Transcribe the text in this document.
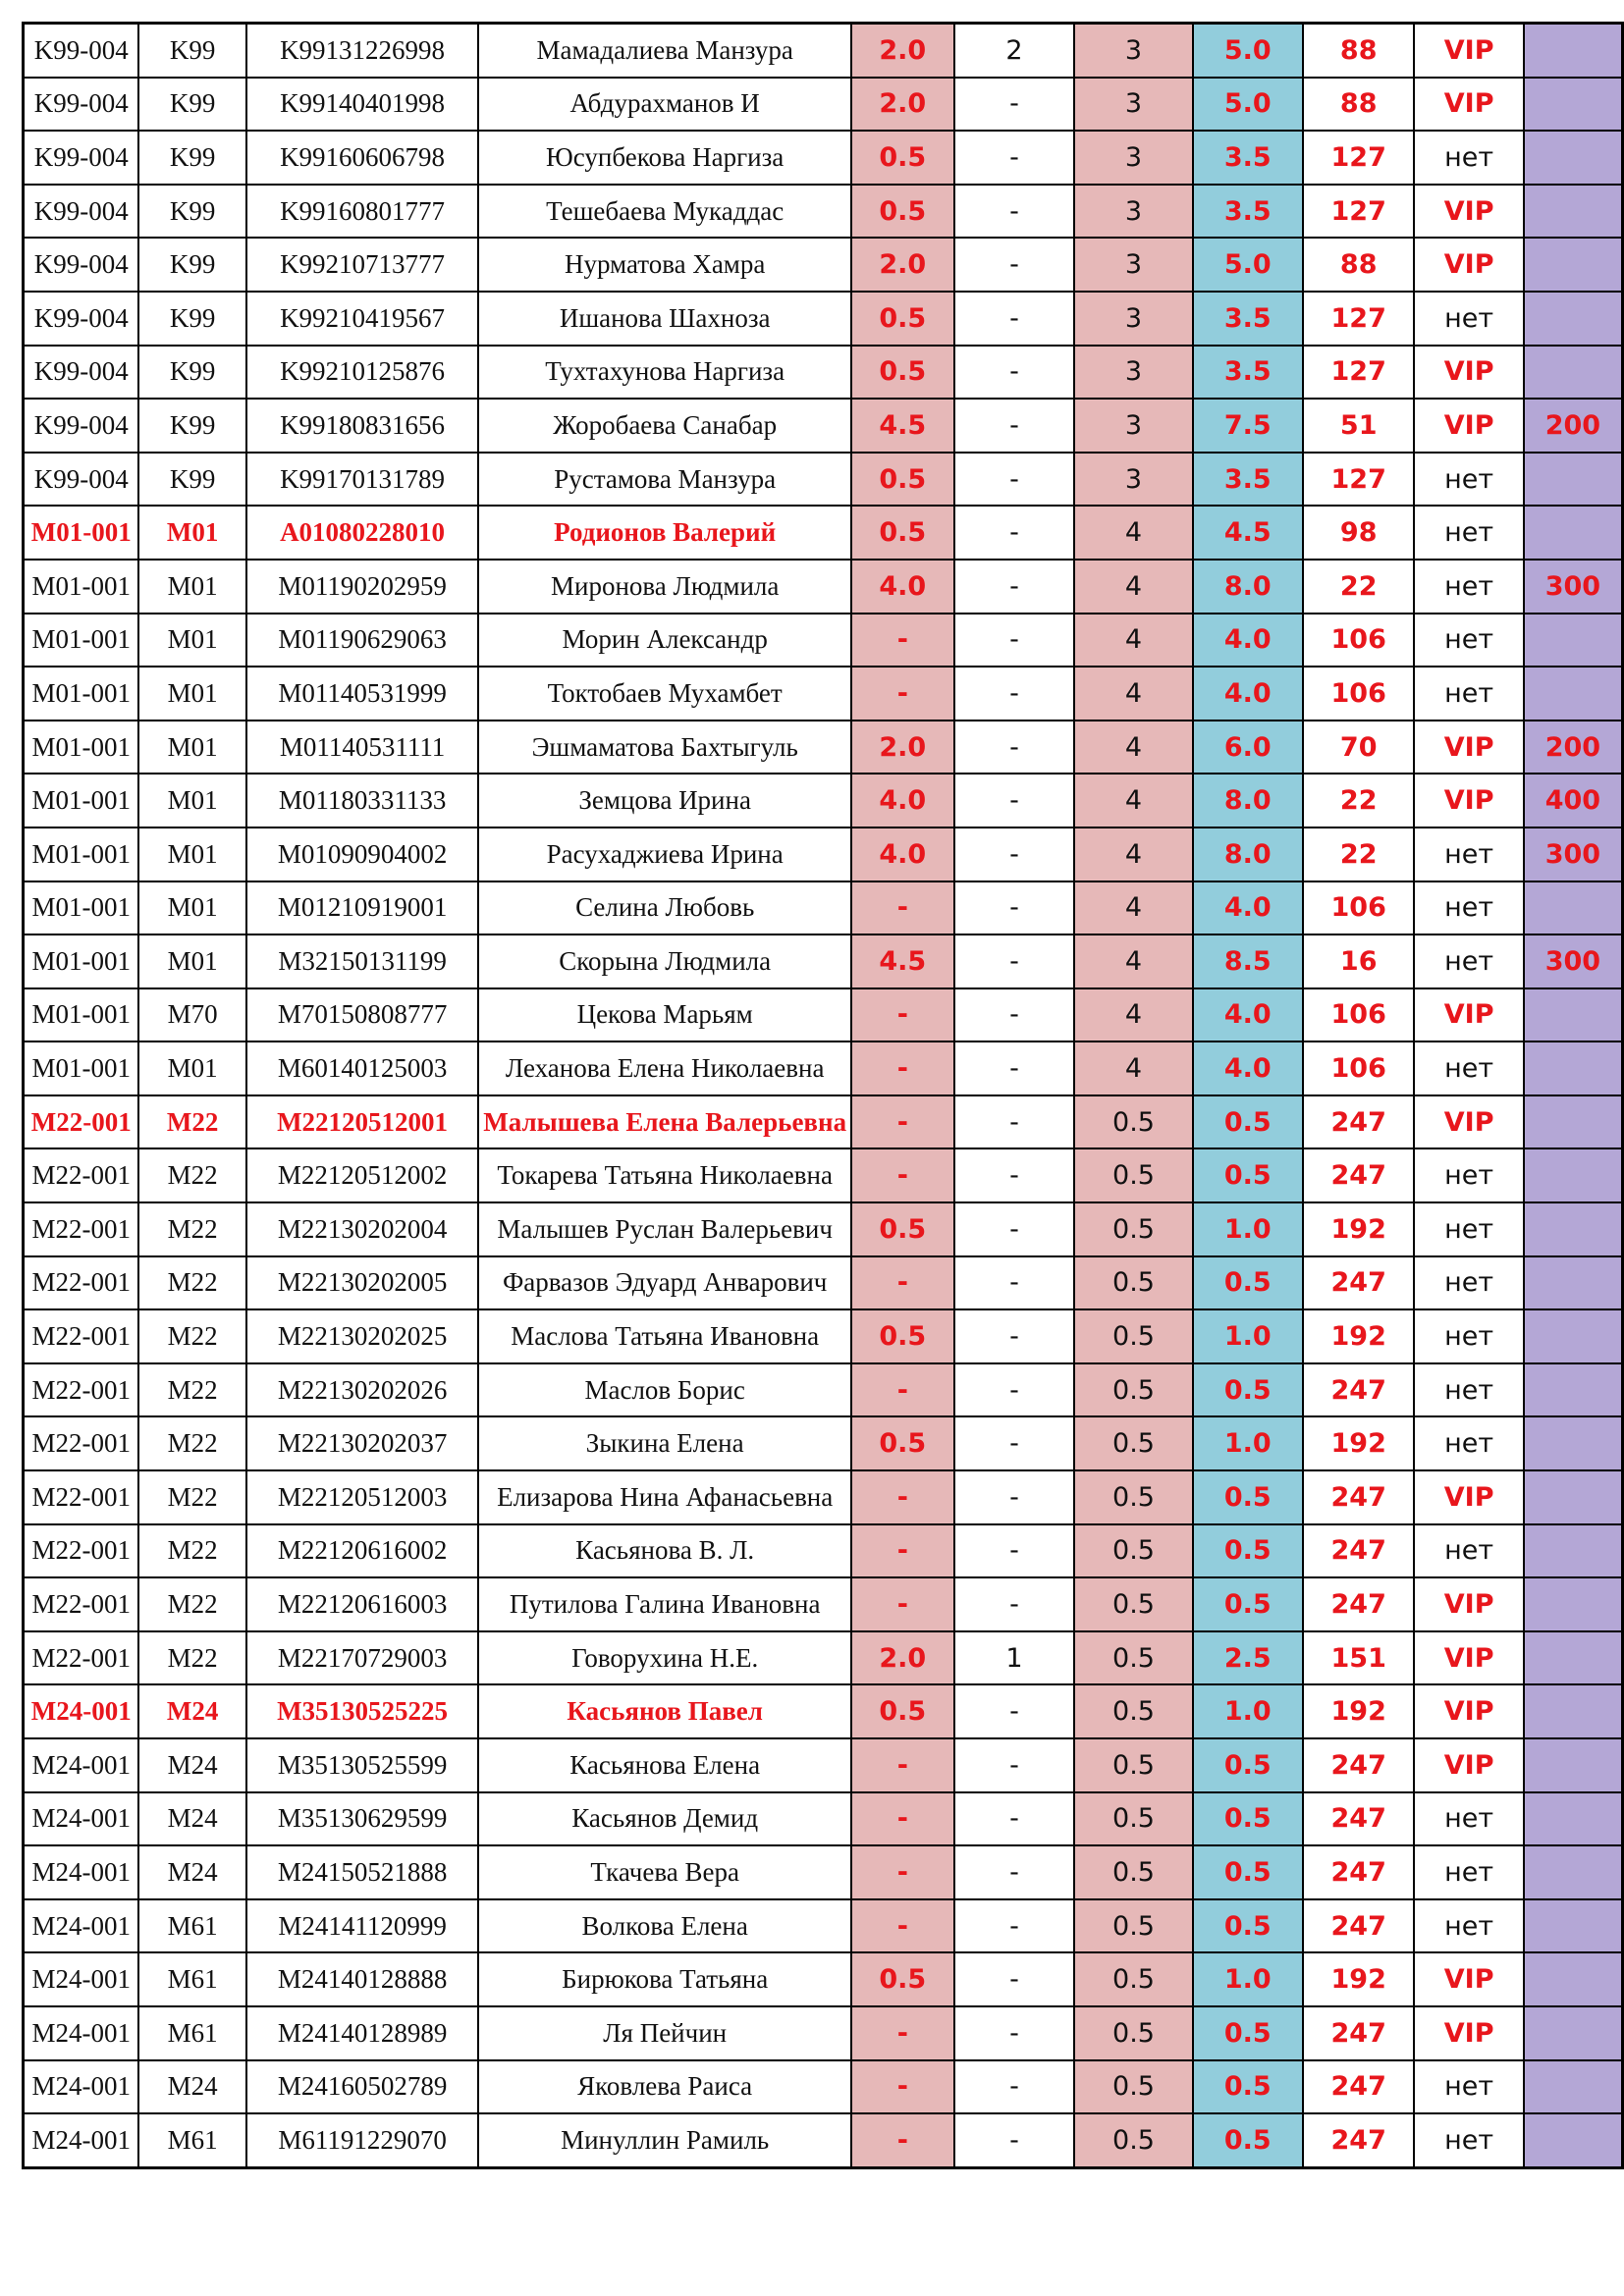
K99-004	K99	K99131226998	Мамадалиева Манзура	2.0	2	3	5.0	88	VIP	
K99-004	K99	K99140401998	Абдурахманов И	2.0	-	3	5.0	88	VIP	
K99-004	K99	K99160606798	Юсупбекова Наргиза	0.5	-	3	3.5	127	нет	
K99-004	K99	K99160801777	Тешебаева Мукаддас	0.5	-	3	3.5	127	VIP	
K99-004	K99	K99210713777	Нурматова Хамра	2.0	-	3	5.0	88	VIP	
K99-004	K99	K99210419567	Ишанова Шахноза	0.5	-	3	3.5	127	нет	
K99-004	K99	K99210125876	Тухтахунова Наргиза	0.5	-	3	3.5	127	VIP	
K99-004	K99	K99180831656	Жоробаева Санабар	4.5	-	3	7.5	51	VIP	200
K99-004	K99	K99170131789	Рустамова Манзура	0.5	-	3	3.5	127	нет	
M01-001	M01	A01080228010	Родионов Валерий	0.5	-	4	4.5	98	нет	
M01-001	M01	M01190202959	Миронова Людмила	4.0	-	4	8.0	22	нет	300
M01-001	M01	M01190629063	Морин Александр	-	-	4	4.0	106	нет	
M01-001	M01	M01140531999	Токтобаев Мухамбет	-	-	4	4.0	106	нет	
M01-001	M01	M01140531111	Эшмаматова Бахтыгуль	2.0	-	4	6.0	70	VIP	200
M01-001	M01	M01180331133	Земцова Ирина	4.0	-	4	8.0	22	VIP	400
M01-001	M01	M01090904002	Расухаджиева Ирина	4.0	-	4	8.0	22	нет	300
M01-001	M01	M01210919001	Селина Любовь	-	-	4	4.0	106	нет	
M01-001	M01	M32150131199	Скорына Людмила	4.5	-	4	8.5	16	нет	300
M01-001	M70	M70150808777	Цекова Марьям	-	-	4	4.0	106	VIP	
M01-001	M01	M60140125003	Леханова Елена Николаевна	-	-	4	4.0	106	нет	
M22-001	M22	M22120512001	Малышева Елена Валерьевна	-	-	0.5	0.5	247	VIP	
M22-001	M22	M22120512002	Токарева Татьяна Николаевна	-	-	0.5	0.5	247	нет	
M22-001	M22	M22130202004	Малышев Руслан Валерьевич	0.5	-	0.5	1.0	192	нет	
M22-001	M22	M22130202005	Фарвазов Эдуард Анварович	-	-	0.5	0.5	247	нет	
M22-001	M22	M22130202025	Маслова Татьяна Ивановна	0.5	-	0.5	1.0	192	нет	
M22-001	M22	M22130202026	Маслов Борис	-	-	0.5	0.5	247	нет	
M22-001	M22	M22130202037	Зыкина Елена	0.5	-	0.5	1.0	192	нет	
M22-001	M22	M22120512003	Елизарова Нина Афанасьевна	-	-	0.5	0.5	247	VIP	
M22-001	M22	M22120616002	Касьянова В. Л.	-	-	0.5	0.5	247	нет	
M22-001	M22	M22120616003	Путилова Галина Ивановна	-	-	0.5	0.5	247	VIP	
M22-001	M22	M22170729003	Говорухина Н.Е.	2.0	1	0.5	2.5	151	VIP	
M24-001	M24	M35130525225	Касьянов Павел	0.5	-	0.5	1.0	192	VIP	
M24-001	M24	M35130525599	Касьянова Елена	-	-	0.5	0.5	247	VIP	
M24-001	M24	M35130629599	Касьянов Демид	-	-	0.5	0.5	247	нет	
M24-001	M24	M24150521888	Ткачева Вера	-	-	0.5	0.5	247	нет	
M24-001	M61	M24141120999	Волкова Елена	-	-	0.5	0.5	247	нет	
M24-001	M61	M24140128888	Бирюкова Татьяна	0.5	-	0.5	1.0	192	VIP	
M24-001	M61	M24140128989	Ля Пейчин	-	-	0.5	0.5	247	VIP	
M24-001	M24	M24160502789	Яковлева Раиса	-	-	0.5	0.5	247	нет	
M24-001	M61	M61191229070	Минуллин Рамиль	-	-	0.5	0.5	247	нет	
